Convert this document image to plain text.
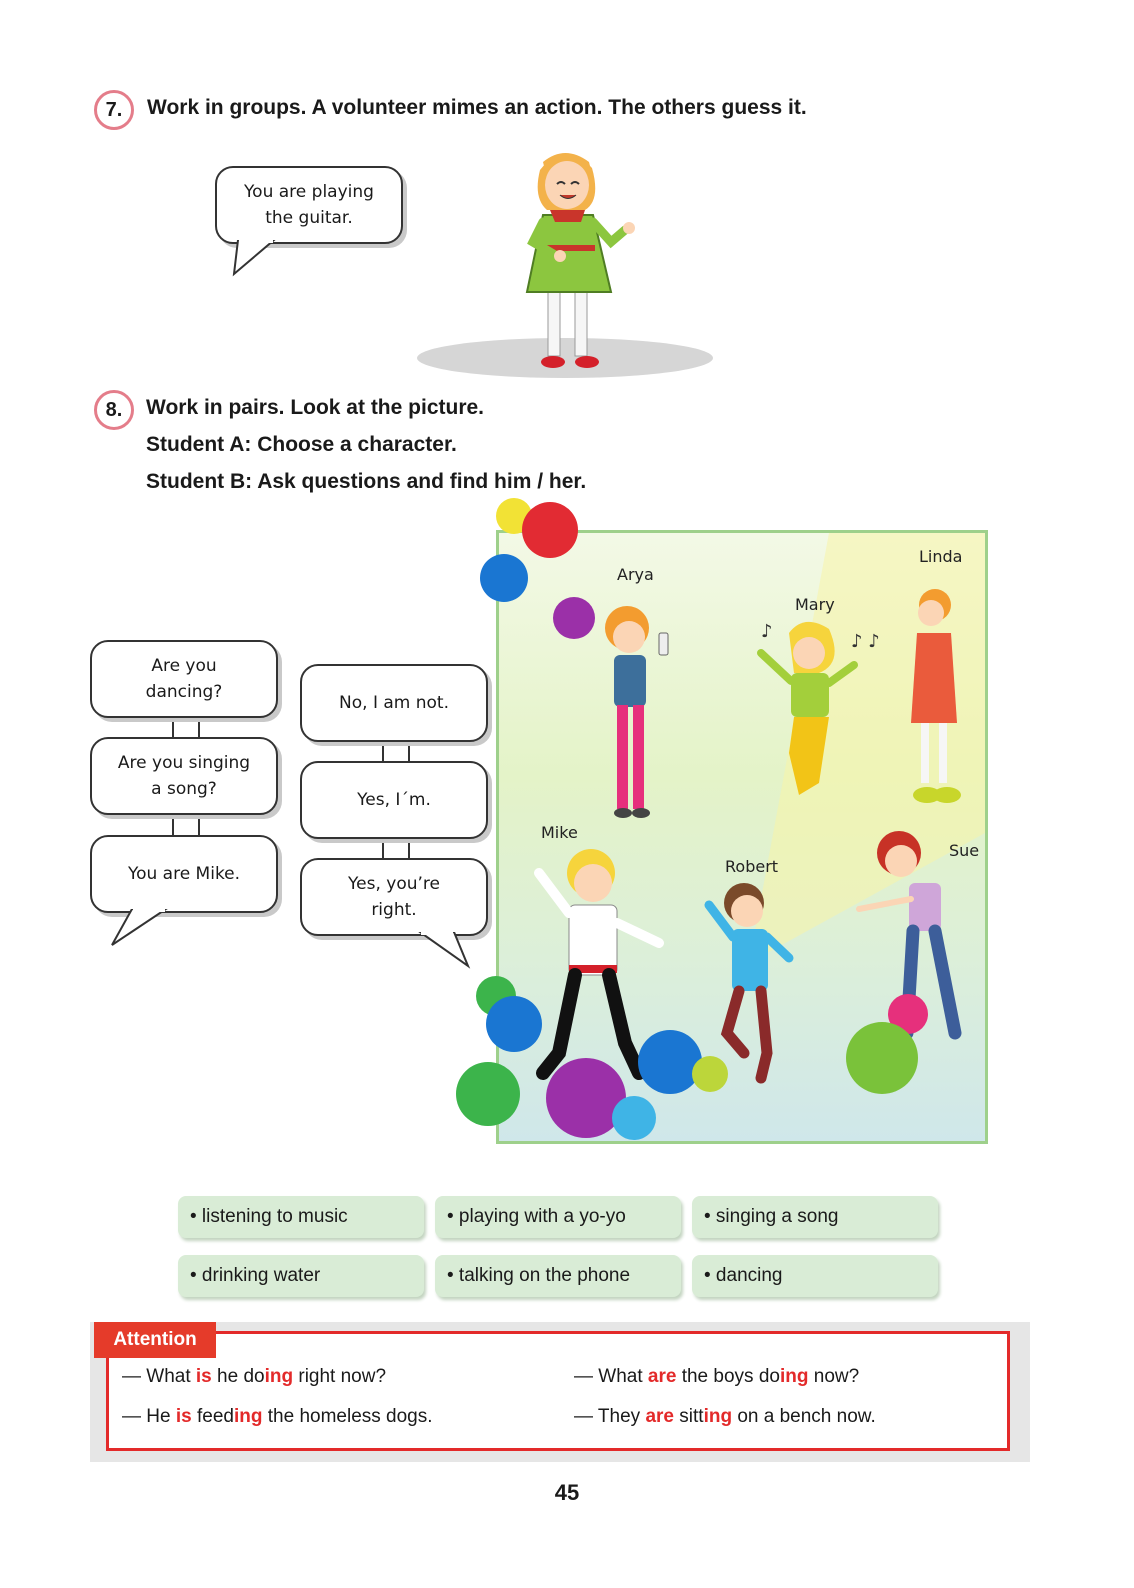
7.	Work in groups. A volunteer mimes an action. The others guess it.
You are playing
the guitar.
8.	Work in pairs. Look at the picture.
Student A: Choose a character.
Student B: Ask questions and find him / her.
Are you
dancing?
Are you singing
a song?
You are Mike.
No, I am not.
Yes, I´m.
Yes, you’re
right.
♪	♪ ♪
Arya
Mary
Linda
Mike
Robert
Sue
• listening to music	• playing with a yo-yo	• singing a song
• drinking water	• talking on the phone	• dancing
Attention
— What is he doing right now?
— He is feeding the homeless dogs.
— What are the boys doing now?
— They are sitting on a bench now.
45
